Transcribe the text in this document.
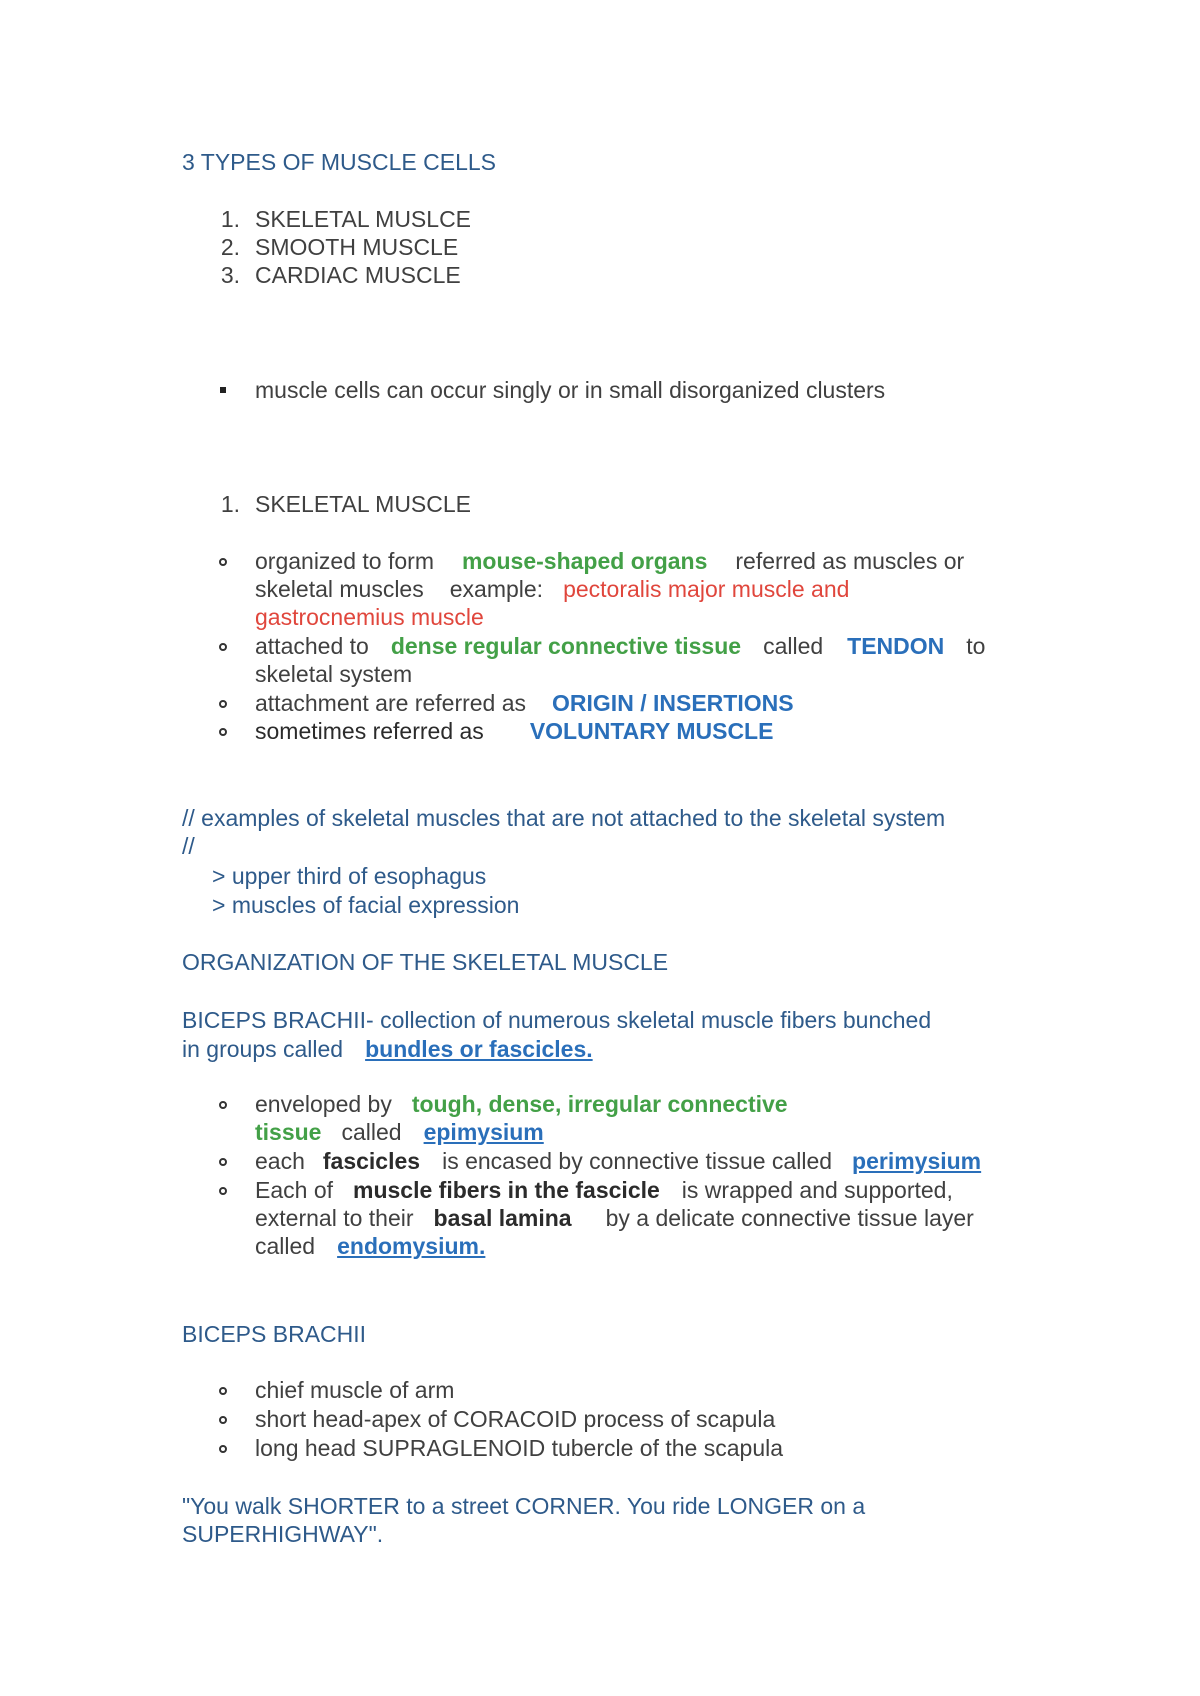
3 TYPES OF MUSCLE CELLS
1. SKELETAL MUSLCE
2. SMOOTH MUSCLE
3. CARDIAC MUSCLE
muscle cells can occur singly or in small disorganized clusters
1. SKELETAL MUSCLE
organized to form mouse-shaped organs referred as muscles or
skeletal muscles example: pectoralis major muscle and
gastrocnemius muscle
attached to dense regular connective tissue called TENDON to
skeletal system
attachment are referred as ORIGIN / INSERTIONS
sometimes referred as VOLUNTARY MUSCLE
// examples of skeletal muscles that are not attached to the skeletal system
//
> upper third of esophagus
> muscles of facial expression
ORGANIZATION OF THE SKELETAL MUSCLE
BICEPS BRACHII- collection of numerous skeletal muscle fibers bunched
in groups called bundles or fascicles.
enveloped by tough, dense, irregular connective
tissue called epimysium
each fascicles is encased by connective tissue called perimysium
Each of muscle fibers in the fascicle is wrapped and supported,
external to their basal lamina by a delicate connective tissue layer
called endomysium.
BICEPS BRACHII
chief muscle of arm
short head-apex of CORACOID process of scapula
long head SUPRAGLENOID tubercle of the scapula
"You walk SHORTER to a street CORNER. You ride LONGER on a
SUPERHIGHWAY".
